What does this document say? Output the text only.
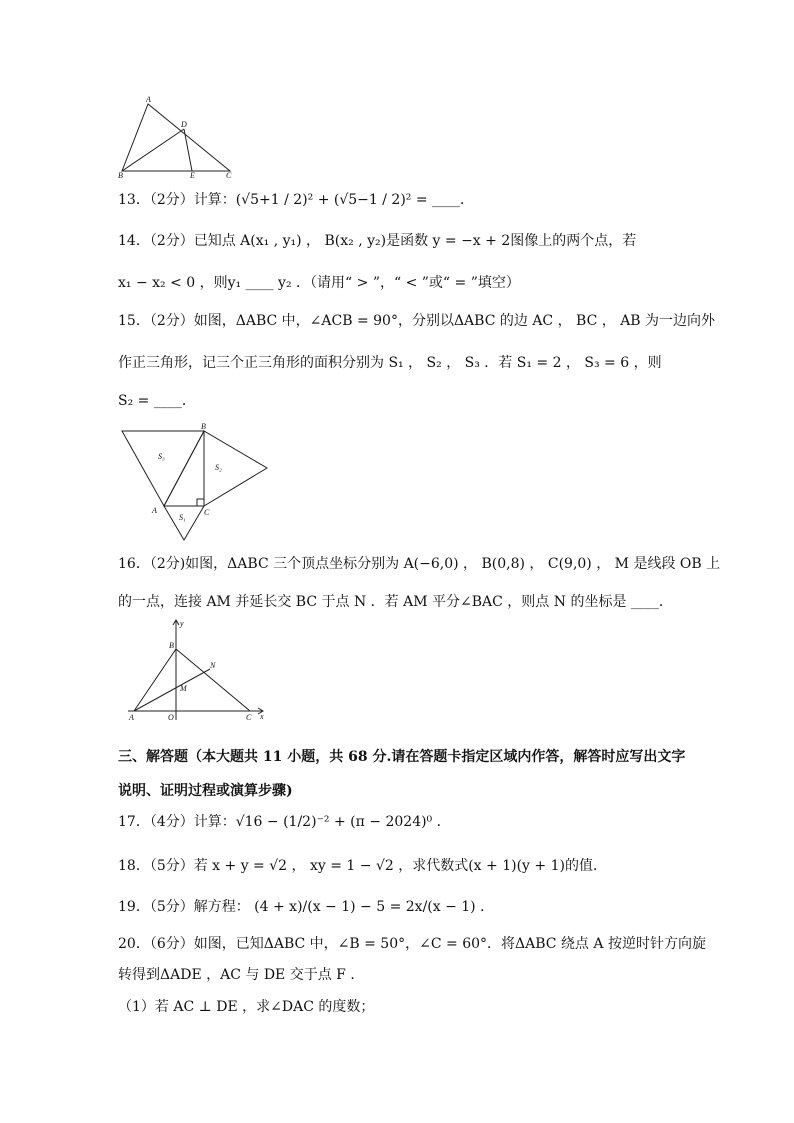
A
B	C
D
E
13．（2分）计算：(√5+1 / 2)² + (√5−1 / 2)² = ____．
14．（2分）已知点 A(x₁ , y₁) ， B(x₂ , y₂)是函数 y = −x + 2图像上的两个点，若
x₁ − x₂ < 0 ，则y₁ ____ y₂ ．（请用“ > ”，“ < ”或“ = ”填空）
15．（2分）如图，ΔABC 中，∠ACB = 90°，分别以ΔABC 的边 AC ， BC ， AB 为一边向外
作正三角形，记三个正三角形的面积分别为 S₁ ， S₂ ， S₃ ．若 S₁ = 2 ， S₃ = 6 ，则
S₂ = ____．
B
A	C
S₃
S₂
S₁
16．（2分)如图，ΔABC 三个顶点坐标分别为 A(−6,0) ， B(0,8) ， C(9,0) ， M 是线段 OB 上
的一点，连接 AM 并延长交 BC 于点 N ．若 AM 平分∠BAC ，则点 N 的坐标是 ____．
y
x
B
N
M
A	O	C
三、解答题（本大题共 11 小题，共 68 分.请在答题卡指定区域内作答，解答时应写出文字
说明、证明过程或演算步骤)
17．（4分）计算：√16 − (1/2)⁻² + (π − 2024)⁰ ．
18．（5分）若 x + y = √2 ， xy = 1 − √2 ，求代数式(x + 1)(y + 1)的值．
19．（5分）解方程： (4 + x)/(x − 1) − 5 = 2x/(x − 1) ．
20．（6分）如图，已知ΔABC 中，∠B = 50°，∠C = 60°．将ΔABC 绕点 A 按逆时针方向旋
转得到ΔADE ，AC 与 DE 交于点 F ．
（1）若 AC ⊥ DE ，求∠DAC 的度数；
